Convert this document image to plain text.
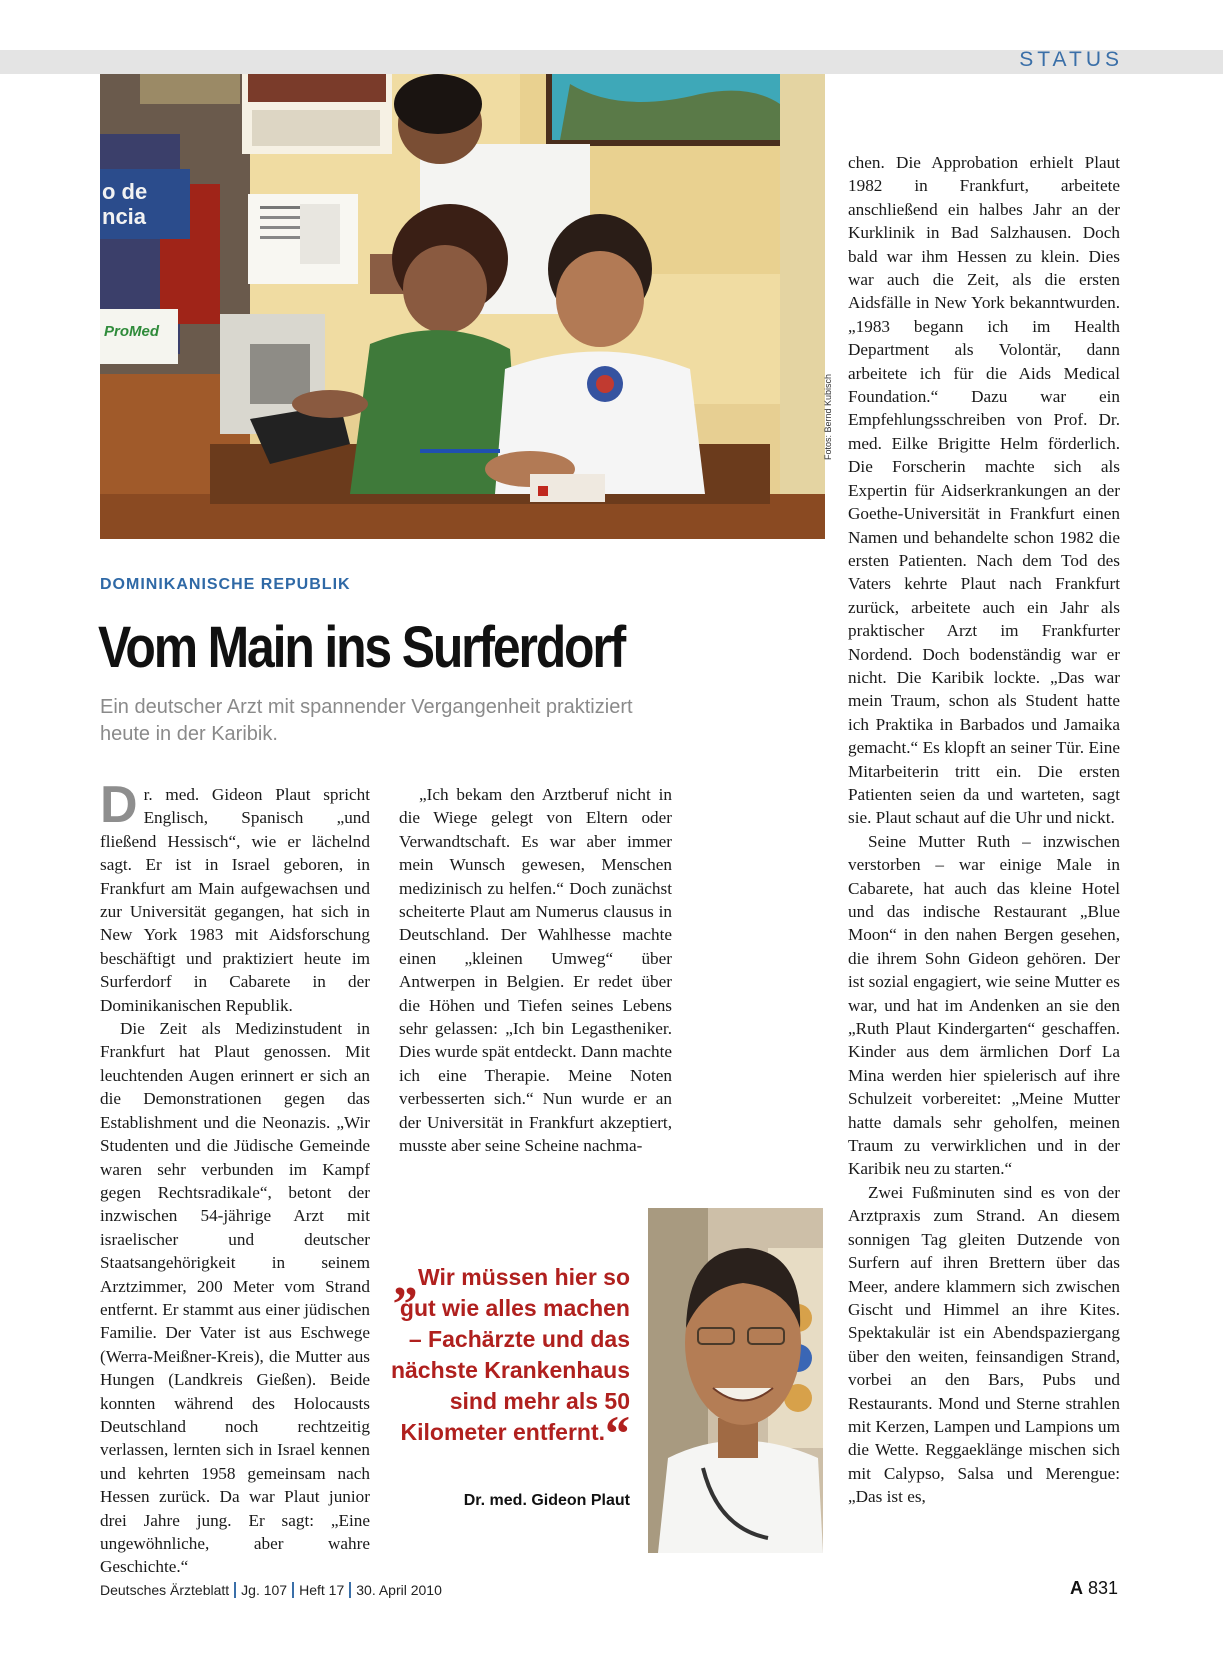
STATUS
o de
ncia
ProMed
Fotos: Bernd Kubisch
DOMINIKANISCHE REPUBLIK
Vom Main ins Surferdorf
Ein deutscher Arzt mit spannender Vergangenheit praktiziert heute in der Karibik.

Dr. med. Gideon Plaut spricht Englisch, Spanisch „und fließend Hessisch“, wie er lächelnd sagt. Er ist in Israel geboren, in Frankfurt am Main aufgewachsen und zur Universität gegangen, hat sich in New York 1983 mit Aidsforschung beschäftigt und praktiziert heute im Surferdorf in Cabarete in der Dominikanischen Republik.

Die Zeit als Medizinstudent in Frankfurt hat Plaut genossen. Mit leuchtenden Augen erinnert er sich an die Demonstrationen gegen das Establishment und die Neonazis. „Wir Studenten und die Jüdische Gemeinde waren sehr verbunden im Kampf gegen Rechtsradikale“, betont der inzwischen 54-jährige Arzt mit israelischer und deutscher Staatsangehörigkeit in seinem Arztzimmer, 200 Meter vom Strand entfernt. Er stammt aus einer jüdischen Familie. Der Vater ist aus Eschwege (Werra-Meißner-Kreis), die Mutter aus Hungen (Landkreis Gießen). Beide konnten während des Holocausts Deutschland noch rechtzeitig verlassen, lernten sich in Israel kennen und kehrten 1958 gemeinsam nach Hessen zurück. Da war Plaut junior drei Jahre jung. Er sagt: „Eine ungewöhnliche, aber wahre Geschichte.“

„Ich bekam den Arztberuf nicht in die Wiege gelegt von Eltern oder Verwandtschaft. Es war aber immer mein Wunsch gewesen, Menschen medizinisch zu helfen.“ Doch zunächst scheiterte Plaut am Numerus clausus in Deutschland. Der Wahlhesse machte einen „kleinen Umweg“ über Antwerpen in Belgien. Er redet über die Höhen und Tiefen seines Lebens sehr gelassen: „Ich bin Legastheniker. Dies wurde spät entdeckt. Dann machte ich eine Therapie. Meine Noten verbesserten sich.“ Nun wurde er an der Universität in Frankfurt akzeptiert, musste aber seine Scheine nachma-

„Wir müssen hier so gut wie alles machen – Fachärzte und das nächste Krankenhaus sind mehr als 50 Kilometer entfernt.“
Dr. med. Gideon Plaut

chen. Die Approbation erhielt Plaut 1982 in Frankfurt, arbeitete anschließend ein halbes Jahr an der Kurklinik in Bad Salzhausen. Doch bald war ihm Hessen zu klein. Dies war auch die Zeit, als die ersten Aidsfälle in New York bekanntwurden. „1983 begann ich im Health Department als Volontär, dann arbeitete ich für die Aids Medical Foundation.“ Dazu war ein Empfehlungsschreiben von Prof. Dr. med. Eilke Brigitte Helm förderlich. Die Forscherin machte sich als Expertin für Aidserkrankungen an der Goethe-Universität in Frankfurt einen Namen und behandelte schon 1982 die ersten Patienten. Nach dem Tod des Vaters kehrte Plaut nach Frankfurt zurück, arbeitete auch ein Jahr als praktischer Arzt im Frankfurter Nordend. Doch bodenständig war er nicht. Die Karibik lockte. „Das war mein Traum, schon als Student hatte ich Praktika in Barbados und Jamaika gemacht.“ Es klopft an seiner Tür. Eine Mitarbeiterin tritt ein. Die ersten Patienten seien da und warteten, sagt sie. Plaut schaut auf die Uhr und nickt.

Seine Mutter Ruth – inzwischen verstorben – war einige Male in Cabarete, hat auch das kleine Hotel und das indische Restaurant „Blue Moon“ in den nahen Bergen gesehen, die ihrem Sohn Gideon gehören. Der ist sozial engagiert, wie seine Mutter es war, und hat im Andenken an sie den „Ruth Plaut Kindergarten“ geschaffen. Kinder aus dem ärmlichen Dorf La Mina werden hier spielerisch auf ihre Schulzeit vorbereitet: „Meine Mutter hatte damals sehr geholfen, meinen Traum zu verwirklichen und in der Karibik neu zu starten.“

Zwei Fußminuten sind es von der Arztpraxis zum Strand. An diesem sonnigen Tag gleiten Dutzende von Surfern auf ihren Brettern über das Meer, andere klammern sich zwischen Gischt und Himmel an ihre Kites. Spektakulär ist ein Abendspaziergang über den weiten, feinsandigen Strand, vorbei an den Bars, Pubs und Restaurants. Mond und Sterne strahlen mit Kerzen, Lampen und Lampions um die Wette. Reggaeklänge mischen sich mit Calypso, Salsa und Merengue: „Das ist es,

Deutsches Ärzteblatt Jg. 107 Heft 17 30. April 2010	A 831
